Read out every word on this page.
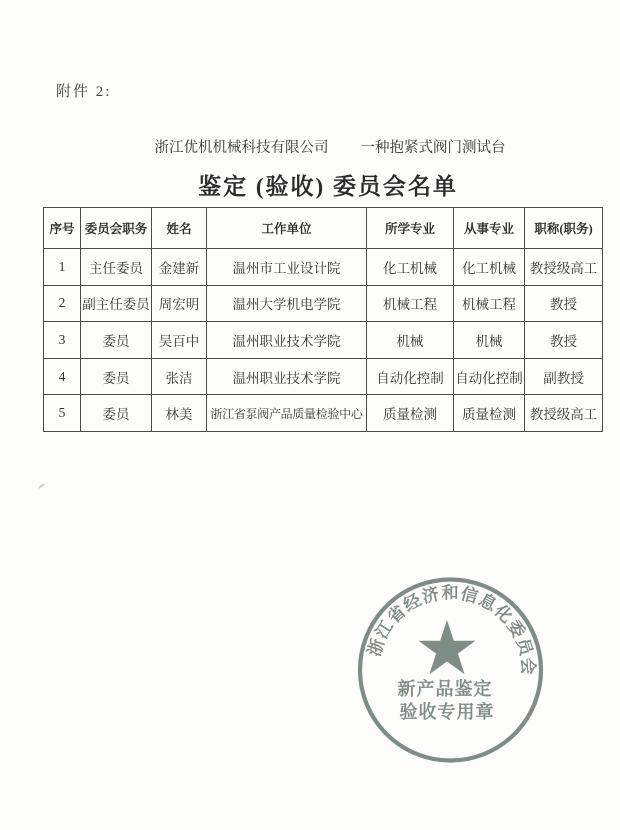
附件 2:
浙江优机机械科技有限公司 一种抱紧式阀门测试台
鉴定 (验收) 委员会名单
序号	委员会职务	姓名	工作单位	所学专业	从事专业	职称(职务)
1	主任委员	金建新	温州市工业设计院	化工机械	化工机械	教授级高工
2	副主任委员	周宏明	温州大学机电学院	机械工程	机械工程	教授
3	委员	吴百中	温州职业技术学院	机械	机械	教授
4	委员	张洁	温州职业技术学院	自动化控制	自动化控制	副教授
5	委员	林美	浙江省泵阀产品质量检验中心	质量检测	质量检测	教授级高工
浙江省经济和信息化委员会
新产品鉴定
验收专用章
